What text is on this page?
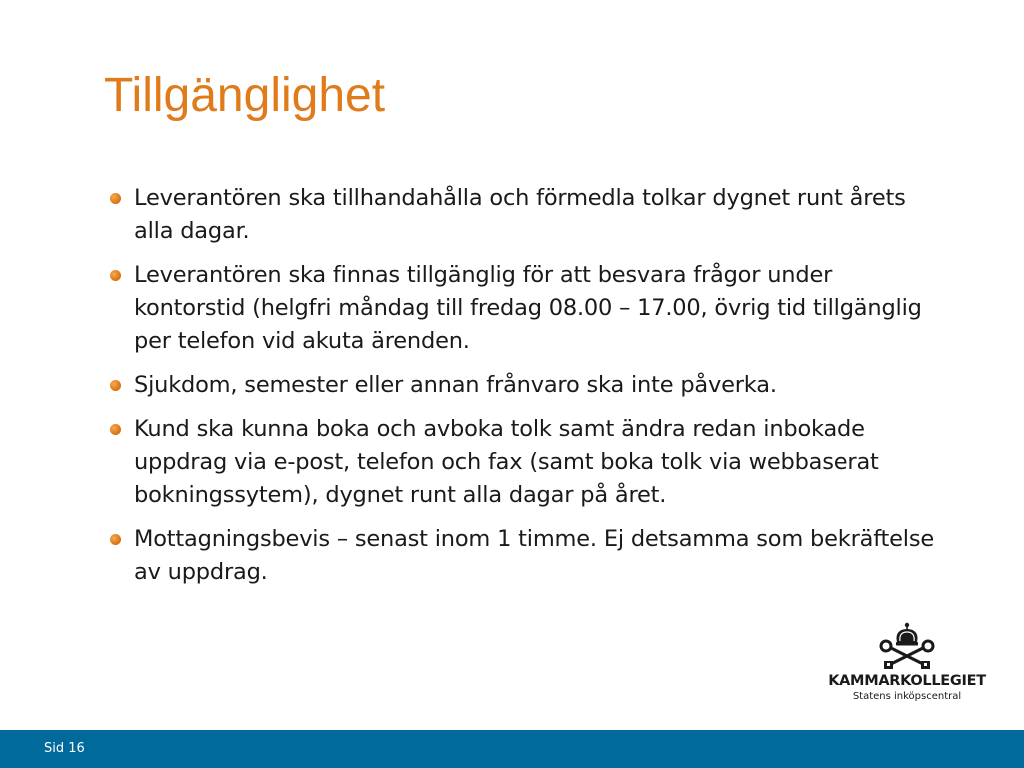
Tillgänglighet
Leverantören ska tillhandahålla och förmedla tolkar dygnet runt årets alla dagar.
Leverantören ska finnas tillgänglig för att besvara frågor under kontorstid (helgfri måndag till fredag 08.00 – 17.00, övrig tid tillgänglig per telefon vid akuta ärenden.
Sjukdom, semester eller annan frånvaro ska inte påverka.
Kund ska kunna boka och avboka tolk samt ändra redan inbokade uppdrag via e-post, telefon och fax (samt boka tolk via webbaserat bokningssytem), dygnet runt alla dagar på året.
Mottagningsbevis – senast inom 1 timme. Ej detsamma som bekräftelse av uppdrag.
KAMMARKOLLEGIET
Statens inköpscentral
Sid 16
